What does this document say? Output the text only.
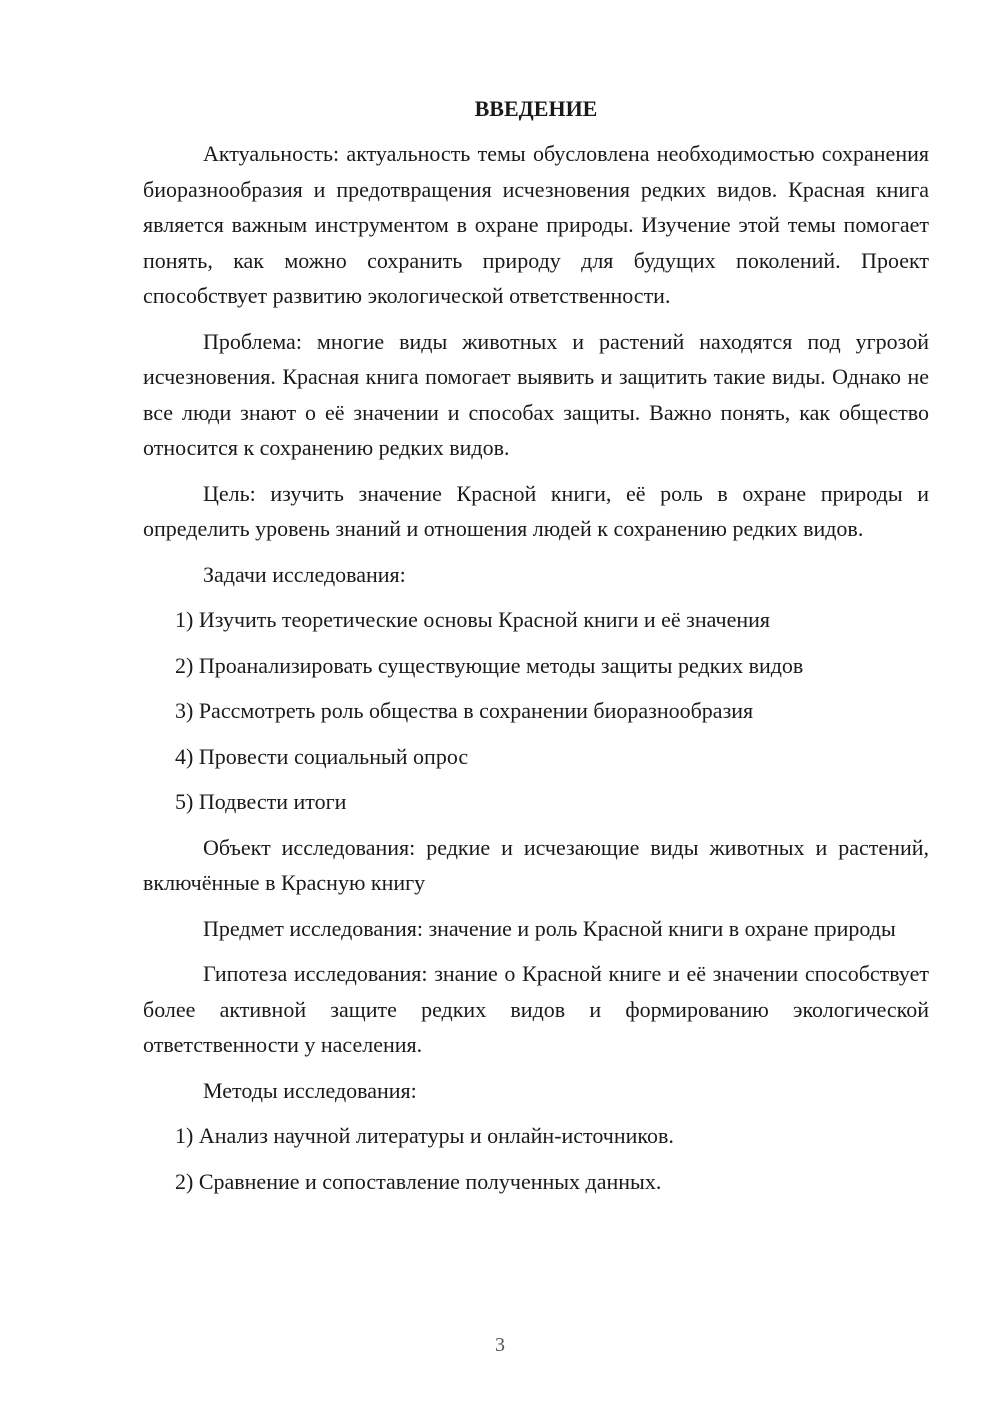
ВВЕДЕНИЕ

Актуальность: актуальность темы обусловлена необходимостью сохранения биоразнообразия и предотвращения исчезновения редких видов. Красная книга является важным инструментом в охране природы. Изучение этой темы помогает понять, как можно сохранить природу для будущих поколений. Проект способствует развитию экологической ответственности.

Проблема: многие виды животных и растений находятся под угрозой исчезновения. Красная книга помогает выявить и защитить такие виды. Однако не все люди знают о её значении и способах защиты. Важно понять, как общество относится к сохранению редких видов.

Цель: изучить значение Красной книги, её роль в охране природы и определить уровень знаний и отношения людей к сохранению редких видов.

Задачи исследования:

1) Изучить теоретические основы Красной книги и её значения
2) Проанализировать существующие методы защиты редких видов
3) Рассмотреть роль общества в сохранении биоразнообразия
4) Провести социальный опрос
5) Подвести итоги

Объект исследования: редкие и исчезающие виды животных и растений, включённые в Красную книгу

Предмет исследования: значение и роль Красной книги в охране природы

Гипотеза исследования: знание о Красной книге и её значении способствует более активной защите редких видов и формированию экологической ответственности у населения.

Методы исследования:

1) Анализ научной литературы и онлайн-источников.
2) Сравнение и сопоставление полученных данных.
3
